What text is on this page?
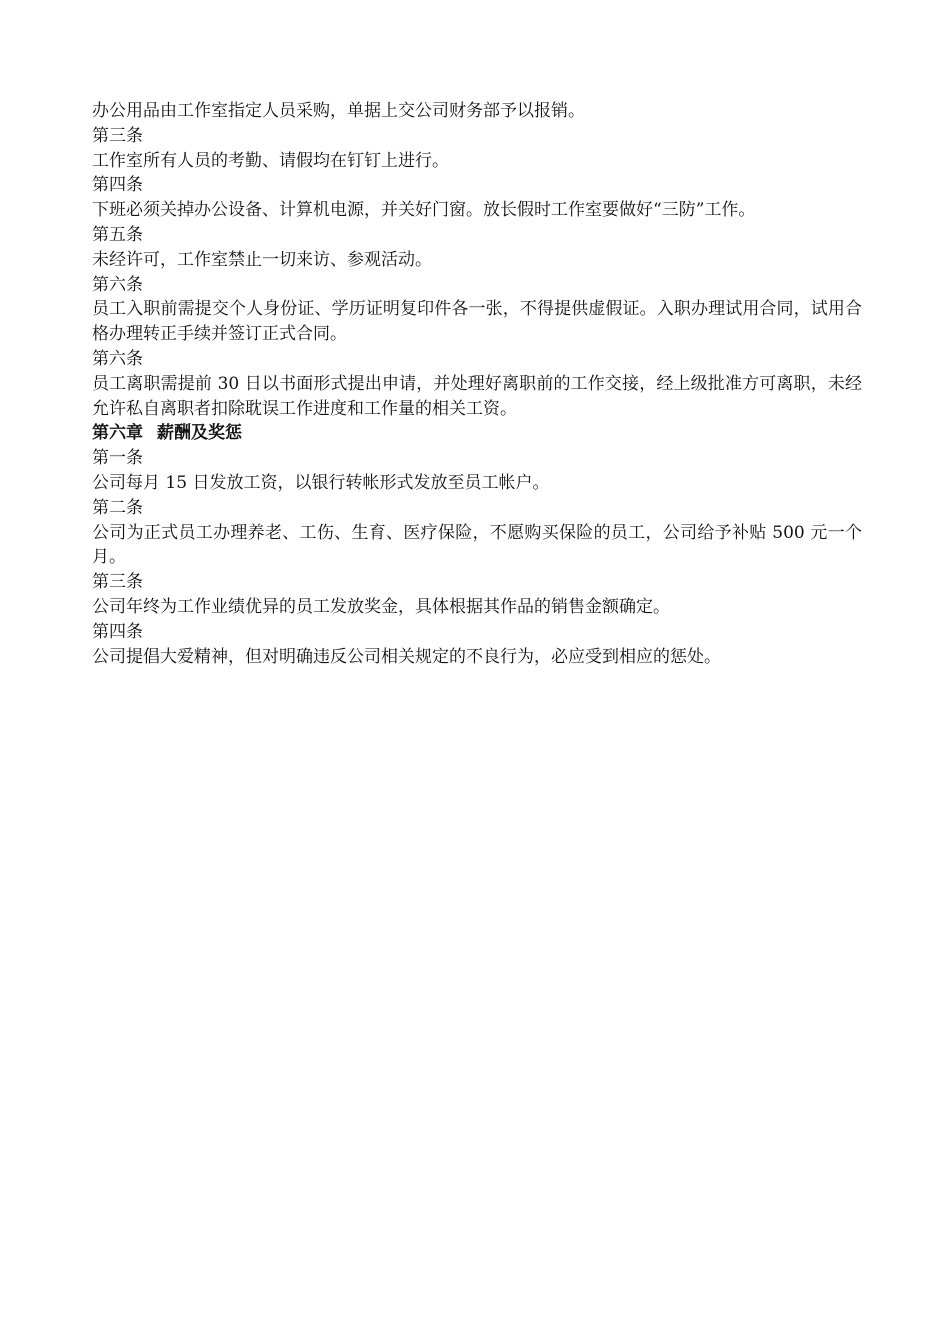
办公用品由工作室指定人员采购，单据上交公司财务部予以报销。
第三条
工作室所有人员的考勤、请假均在钉钉上进行。
第四条
下班必须关掉办公设备、计算机电源，并关好门窗。放长假时工作室要做好“三防”工作。
第五条
未经许可，工作室禁止一切来访、参观活动。
第六条
员工入职前需提交个人身份证、学历证明复印件各一张，不得提供虚假证。入职办理试用合同，试用合格办理转正手续并签订正式合同。
第六条
员工离职需提前 30 日以书面形式提出申请，并处理好离职前的工作交接，经上级批准方可离职，未经允许私自离职者扣除耽误工作进度和工作量的相关工资。
第六章 薪酬及奖惩
第一条
公司每月 15 日发放工资，以银行转帐形式发放至员工帐户。
第二条
公司为正式员工办理养老、工伤、生育、医疗保险，不愿购买保险的员工，公司给予补贴 500 元一个月。
第三条
公司年终为工作业绩优异的员工发放奖金，具体根据其作品的销售金额确定。
第四条
公司提倡大爱精神，但对明确违反公司相关规定的不良行为，必应受到相应的惩处。
